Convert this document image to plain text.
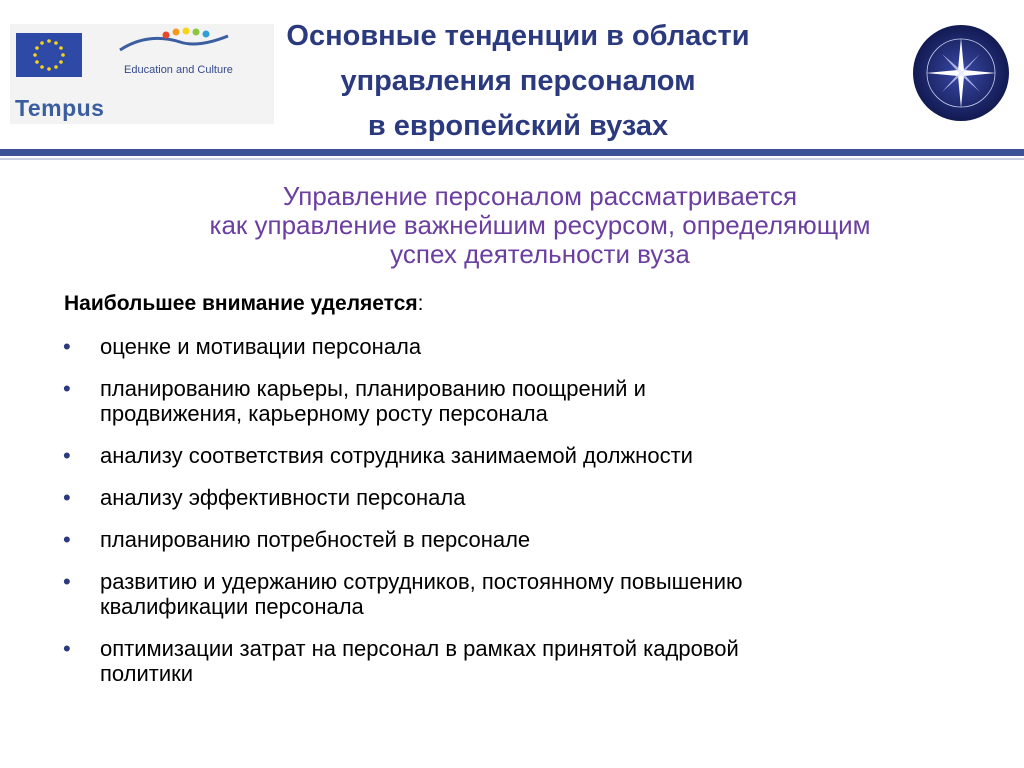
Education and Culture
Tempus
Основные тенденции в области
управления персоналом
в европейский вузах

Управление персоналом рассматривается
как управление важнейшим ресурсом, определяющим
успех деятельности вуза

Наибольшее внимание уделяется:
• оценке и мотивации персонала
• планированию карьеры, планированию поощрений и
продвижения, карьерному росту персонала
• анализу соответствия сотрудника занимаемой должности
• анализу эффективности персонала
• планированию потребностей в персонале
• развитию и удержанию сотрудников, постоянному повышению
квалификации персонала
• оптимизации затрат на персонал в рамках принятой кадровой
политики
